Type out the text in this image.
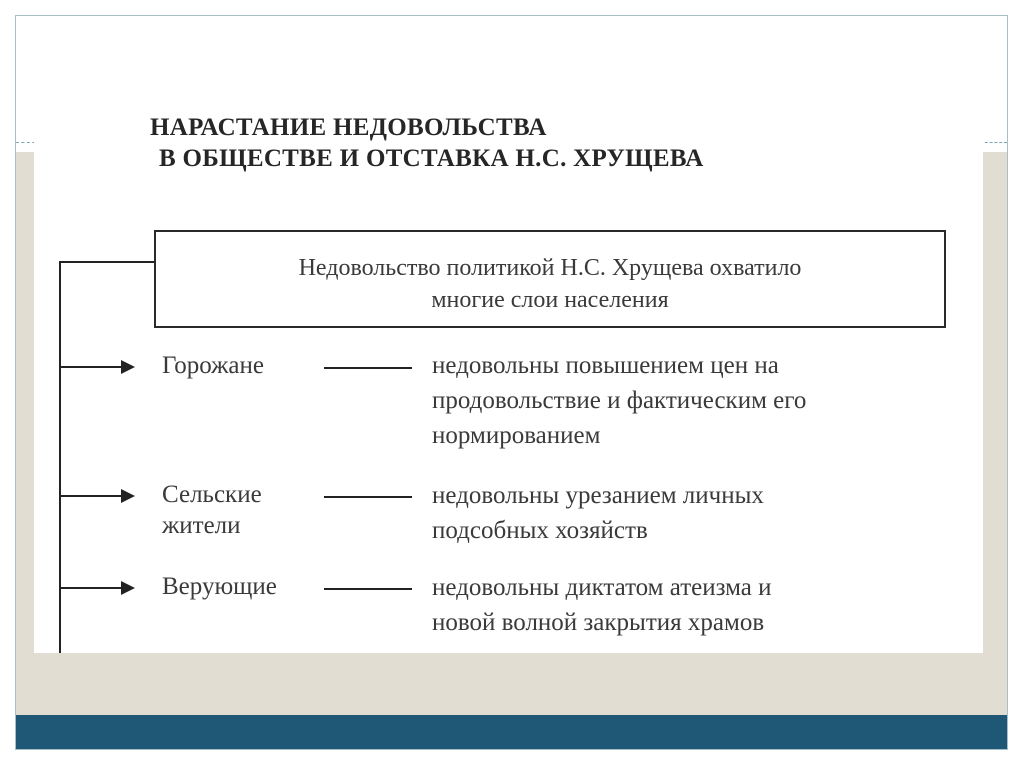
НАРАСТАНИЕ НЕДОВОЛЬСТВА
В ОБЩЕСТВЕ И ОТСТАВКА Н.С. ХРУЩЕВА
Недовольство политикой Н.С. Хрущева охватило
многие слои населения
Горожане	недовольны повышением цен на
продовольствие и фактическим его
нормированием
Сельские
жители
недовольны урезанием личных
подсобных хозяйств
Верующие	недовольны диктатом атеизма и
новой волной закрытия храмов
